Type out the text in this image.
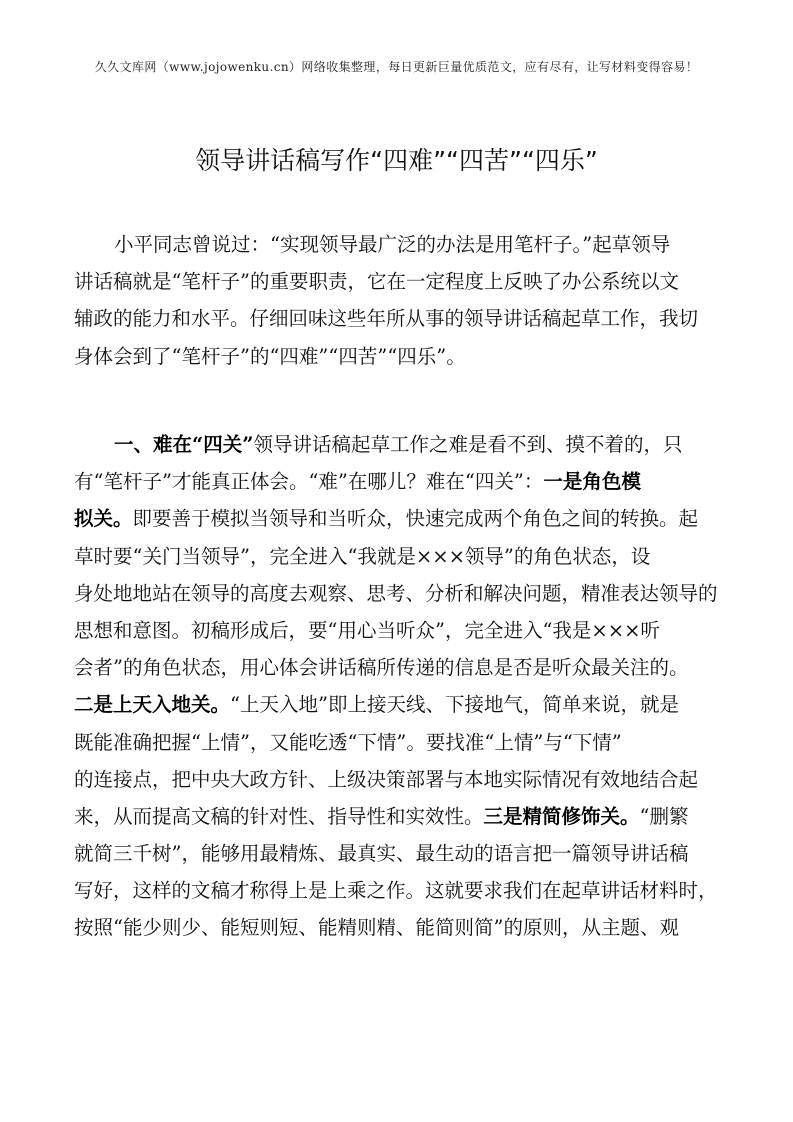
久久文库网（www.jojowenku.cn）网络收集整理，每日更新巨量优质范文，应有尽有，让写材料变得容易！
领导讲话稿写作“四难”“四苦”“四乐”
小平同志曾说过：“实现领导最广泛的办法是用笔杆子。”起草领导
讲话稿就是“笔杆子”的重要职责，它在一定程度上反映了办公系统以文
辅政的能力和水平。仔细回味这些年所从事的领导讲话稿起草工作，我切
身体会到了“笔杆子”的“四难”“四苦”“四乐”。
一、难在“四关”领导讲话稿起草工作之难是看不到、摸不着的，只
有“笔杆子”才能真正体会。“难”在哪儿？难在“四关”：一是角色模
拟关。即要善于模拟当领导和当听众，快速完成两个角色之间的转换。起
草时要“关门当领导”，完全进入“我就是×××领导”的角色状态，设
身处地地站在领导的高度去观察、思考、分析和解决问题，精准表达领导的
思想和意图。初稿形成后，要“用心当听众”，完全进入“我是×××听
会者”的角色状态，用心体会讲话稿所传递的信息是否是听众最关注的。
二是上天入地关。“上天入地”即上接天线、下接地气，简单来说，就是
既能准确把握“上情”，又能吃透“下情”。要找准“上情”与“下情”
的连接点，把中央大政方针、上级决策部署与本地实际情况有效地结合起
来，从而提高文稿的针对性、指导性和实效性。三是精简修饰关。“删繁
就简三千树”，能够用最精炼、最真实、最生动的语言把一篇领导讲话稿
写好，这样的文稿才称得上是上乘之作。这就要求我们在起草讲话材料时，
按照“能少则少、能短则短、能精则精、能简则简”的原则，从主题、观
